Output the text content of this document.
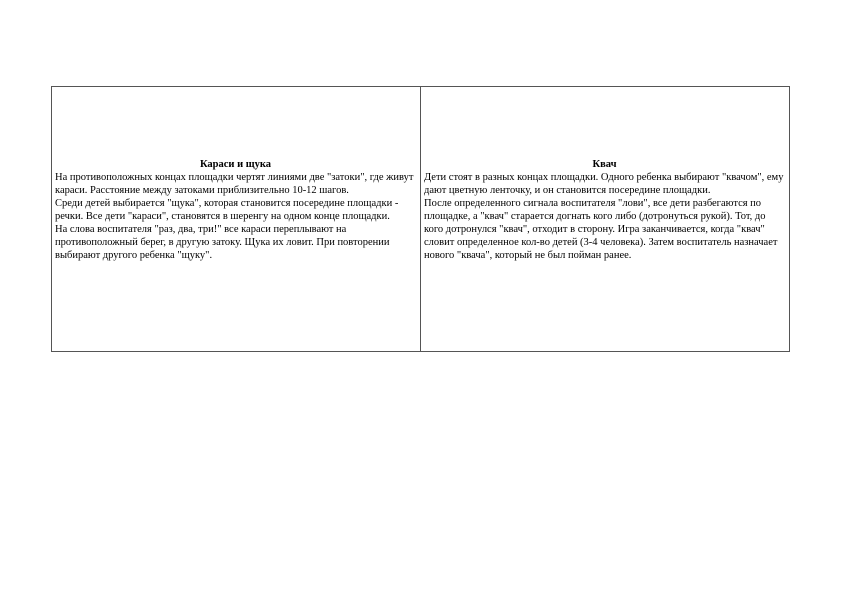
Караси и щука

На противоположных концах площадки чертят линиями две "затоки", где живут караси. Расстояние между затоками приблизительно 10-12 шагов.

Среди детей выбирается "щука", которая становится посередине площадки - речки. Все дети "караси", становятся в шеренгу на одном конце площадки.

На слова воспитателя "раз, два, три!" все караси переплывают на противоположный берег, в другую затоку. Щука их ловит. При повторении выбирают другого ребенка "щуку".

Квач

Дети стоят в разных концах площадки. Одного ребенка выбирают "квачом", ему дают цветную ленточку, и он становится посередине площадки.

После определенного сигнала воспитателя "лови", все дети разбегаются по площадке, а "квач" старается догнать кого либо (дотронуться рукой). Тот, до кого дотронулся "квач", отходит в сторону. Игра заканчивается, когда "квач" словит определенное кол-во детей (3-4 человека). Затем воспитатель назначает нового "квача", который не был пойман ранее.
